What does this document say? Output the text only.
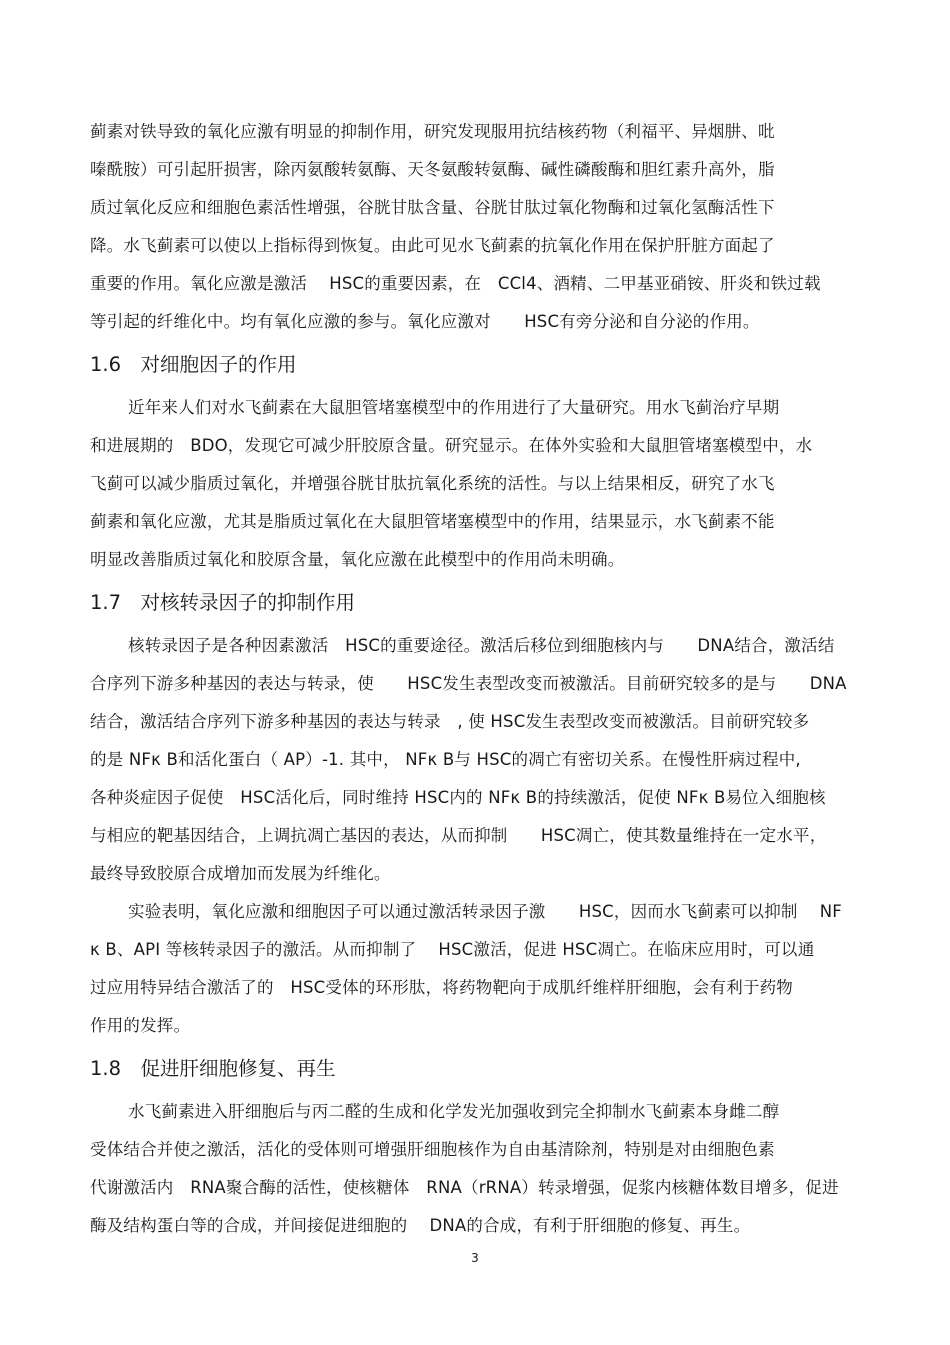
蓟素对铁导致的氧化应激有明显的抑制作用，研究发现服用抗结核药物（利福平、异烟肼、吡
嗪酰胺）可引起肝损害，除丙氨酸转氨酶、天冬氨酸转氨酶、碱性磷酸酶和胆红素升高外，脂
质过氧化反应和细胞色素活性增强，谷胱甘肽含量、谷胱甘肽过氧化物酶和过氧化氢酶活性下
降。水飞蓟素可以使以上指标得到恢复。由此可见水飞蓟素的抗氧化作用在保护肝脏方面起了
重要的作用。氧化应激是激活　 HSC的重要因素，在　CCl4、酒精、二甲基亚硝铵、肝炎和铁过载
等引起的纤维化中。均有氧化应激的参与。氧化应激对　　HSC有旁分泌和自分泌的作用。
1.6　对细胞因子的作用
近年来人们对水飞蓟素在大鼠胆管堵塞模型中的作用进行了大量研究。用水飞蓟治疗早期
和进展期的　BDO，发现它可减少肝胶原含量。研究显示。在体外实验和大鼠胆管堵塞模型中，水
飞蓟可以减少脂质过氧化，并增强谷胱甘肽抗氧化系统的活性。与以上结果相反，研究了水飞
蓟素和氧化应激，尤其是脂质过氧化在大鼠胆管堵塞模型中的作用，结果显示，水飞蓟素不能
明显改善脂质过氧化和胶原含量，氧化应激在此模型中的作用尚未明确。
1.7　对核转录因子的抑制作用
核转录因子是各种因素激活　HSC的重要途径。激活后移位到细胞核内与　　DNA结合，激活结
合序列下游多种基因的表达与转录，使　　HSC发生表型改变而被激活。目前研究较多的是与　　DNA
结合，激活结合序列下游多种基因的表达与转录　, 使 HSC发生表型改变而被激活。目前研究较多
的是 NFκ B和活化蛋白（ AP）-1. 其中， NFκ B与 HSC的凋亡有密切关系。在慢性肝病过程中,
各种炎症因子促使　HSC活化后，同时维持 HSC内的 NFκ B的持续激活，促使 NFκ B易位入细胞核
与相应的靶基因结合，上调抗凋亡基因的表达，从而抑制　　HSC凋亡，使其数量维持在一定水平，
最终导致胶原合成增加而发展为纤维化。
实验表明，氧化应激和细胞因子可以通过激活转录因子激　　HSC，因而水飞蓟素可以抑制　 NF
κ B、API 等核转录因子的激活。从而抑制了　 HSC激活，促进 HSC凋亡。在临床应用时，可以通
过应用特异结合激活了的　HSC受体的环形肽，将药物靶向于成肌纤维样肝细胞，会有利于药物
作用的发挥。
1.8　促进肝细胞修复、再生
水飞蓟素进入肝细胞后与丙二醛的生成和化学发光加强收到完全抑制水飞蓟素本身雌二醇
受体结合并使之激活，活化的受体则可增强肝细胞核作为自由基清除剂，特别是对由细胞色素
代谢激活内　RNA聚合酶的活性，使核糖体　RNA（rRNA）转录增强，促浆内核糖体数目增多，促进
酶及结构蛋白等的合成，并间接促进细胞的　 DNA的合成，有利于肝细胞的修复、再生。
3
